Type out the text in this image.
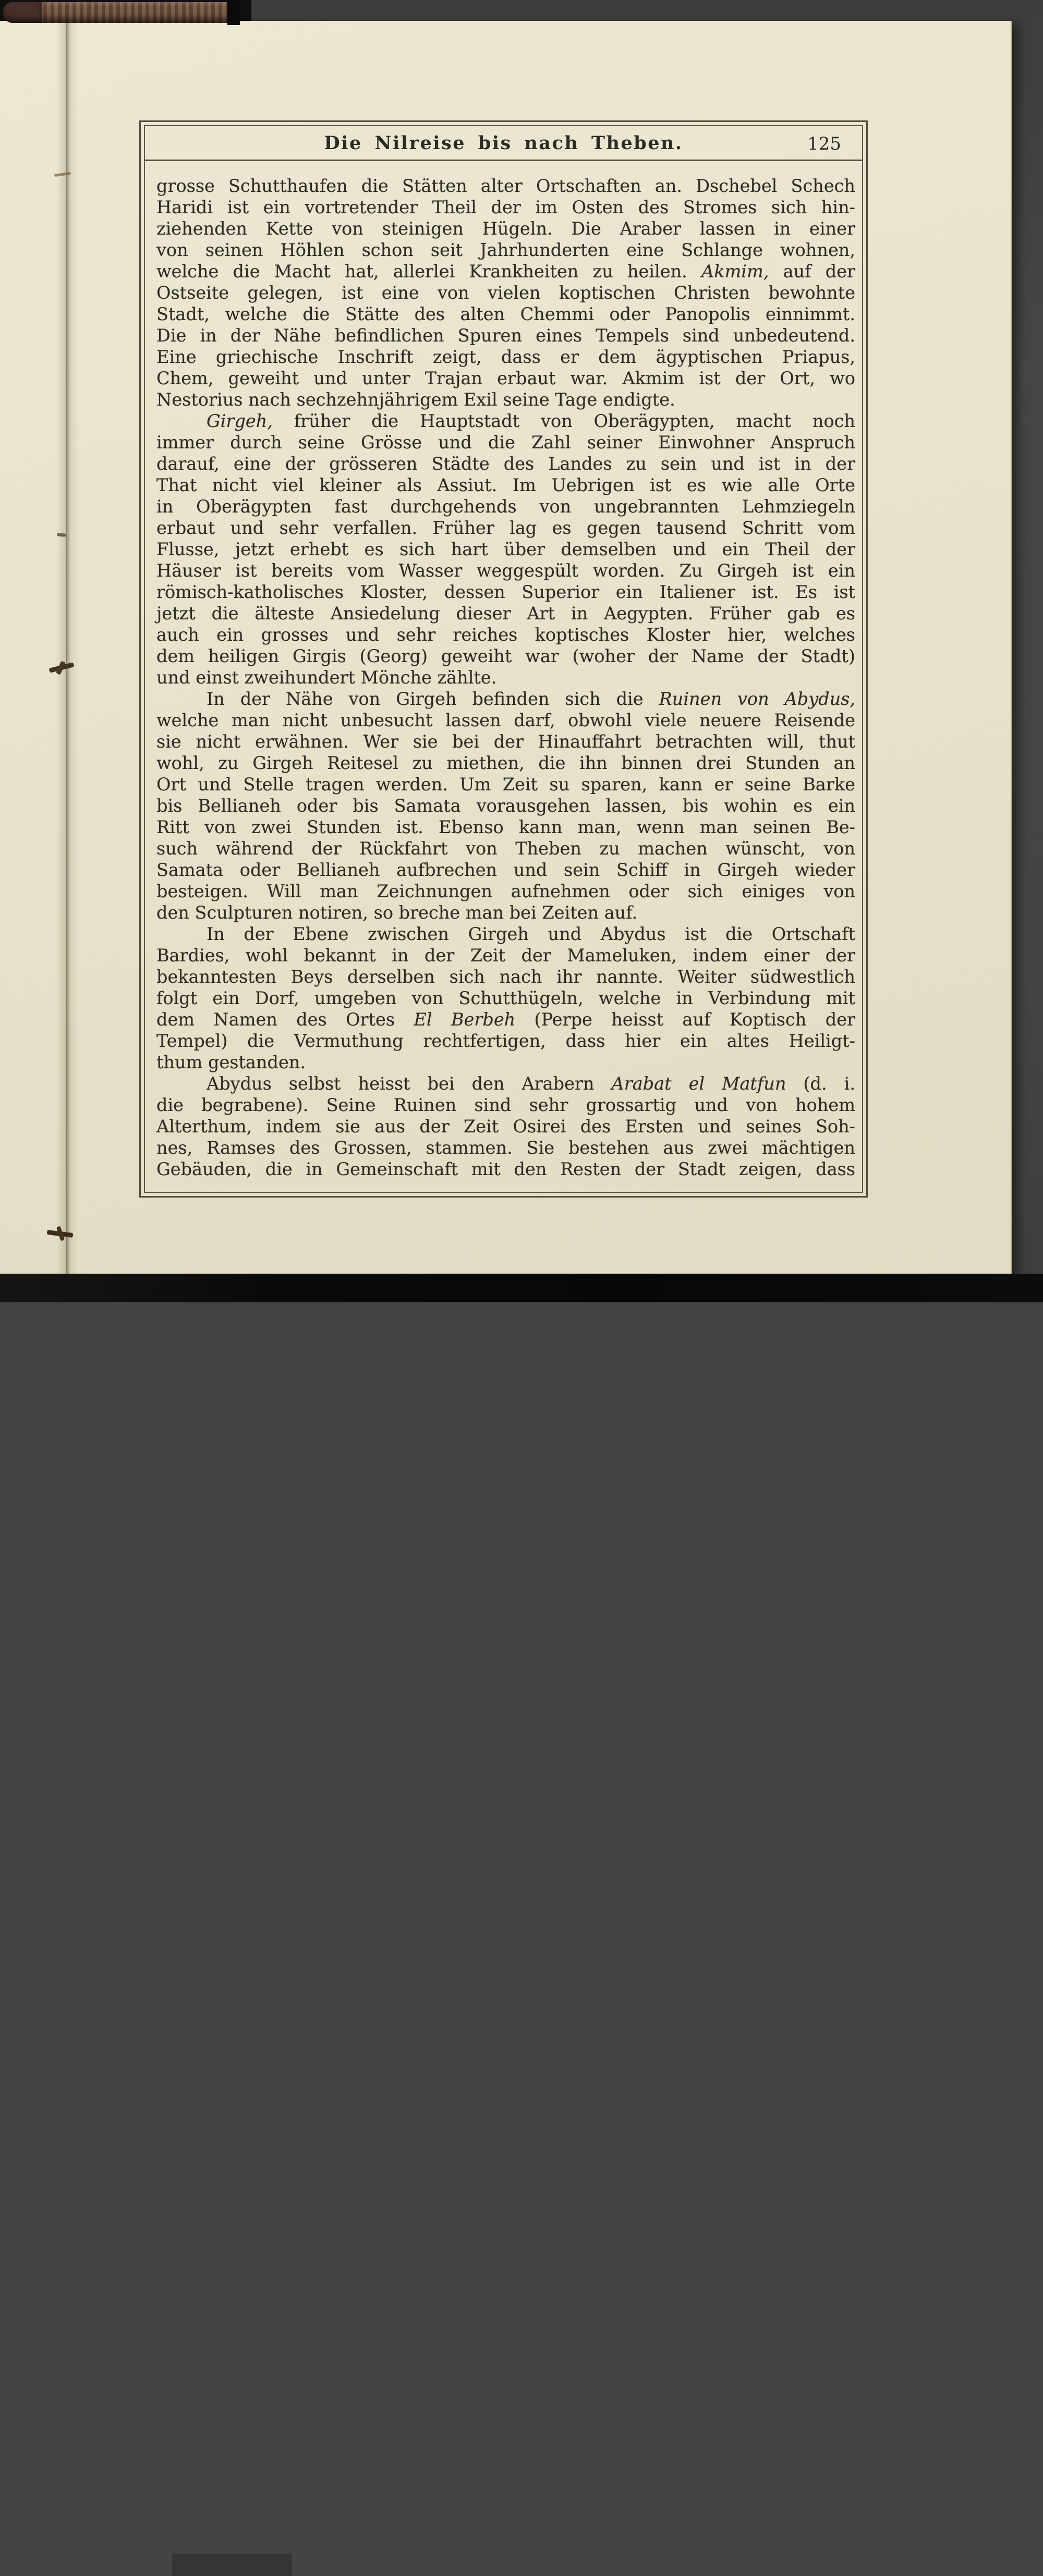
Die Nilreise bis nach Theben.	125
grosse Schutthaufen die Stätten alter Ortschaften an. Dschebel Schech
Haridi ist ein vortretender Theil der im Osten des Stromes sich hin-
ziehenden Kette von steinigen Hügeln. Die Araber lassen in einer
von seinen Höhlen schon seit Jahrhunderten eine Schlange wohnen,
welche die Macht hat, allerlei Krankheiten zu heilen. Akmim, auf der
Ostseite gelegen, ist eine von vielen koptischen Christen bewohnte
Stadt, welche die Stätte des alten Chemmi oder Panopolis einnimmt.
Die in der Nähe befindlichen Spuren eines Tempels sind unbedeutend.
Eine griechische Inschrift zeigt, dass er dem ägyptischen Priapus,
Chem, geweiht und unter Trajan erbaut war. Akmim ist der Ort, wo
Nestorius nach sechzehnjährigem Exil seine Tage endigte.
Girgeh, früher die Hauptstadt von Oberägypten, macht noch
immer durch seine Grösse und die Zahl seiner Einwohner Anspruch
darauf, eine der grösseren Städte des Landes zu sein und ist in der
That nicht viel kleiner als Assiut. Im Uebrigen ist es wie alle Orte
in Oberägypten fast durchgehends von ungebrannten Lehmziegeln
erbaut und sehr verfallen. Früher lag es gegen tausend Schritt vom
Flusse, jetzt erhebt es sich hart über demselben und ein Theil der
Häuser ist bereits vom Wasser weggespült worden. Zu Girgeh ist ein
römisch-katholisches Kloster, dessen Superior ein Italiener ist. Es ist
jetzt die älteste Ansiedelung dieser Art in Aegypten. Früher gab es
auch ein grosses und sehr reiches koptisches Kloster hier, welches
dem heiligen Girgis (Georg) geweiht war (woher der Name der Stadt)
und einst zweihundert Mönche zählte.
In der Nähe von Girgeh befinden sich die Ruinen von Abydus,
welche man nicht unbesucht lassen darf, obwohl viele neuere Reisende
sie nicht erwähnen. Wer sie bei der Hinauffahrt betrachten will, thut
wohl, zu Girgeh Reitesel zu miethen, die ihn binnen drei Stunden an
Ort und Stelle tragen werden. Um Zeit su sparen, kann er seine Barke
bis Bellianeh oder bis Samata vorausgehen lassen, bis wohin es ein
Ritt von zwei Stunden ist. Ebenso kann man, wenn man seinen Be-
such während der Rückfahrt von Theben zu machen wünscht, von
Samata oder Bellianeh aufbrechen und sein Schiff in Girgeh wieder
besteigen. Will man Zeichnungen aufnehmen oder sich einiges von
den Sculpturen notiren, so breche man bei Zeiten auf.
In der Ebene zwischen Girgeh und Abydus ist die Ortschaft
Bardies, wohl bekannt in der Zeit der Mameluken, indem einer der
bekanntesten Beys derselben sich nach ihr nannte. Weiter südwestlich
folgt ein Dorf, umgeben von Schutthügeln, welche in Verbindung mit
dem Namen des Ortes El Berbeh (Perpe heisst auf Koptisch der
Tempel) die Vermuthung rechtfertigen, dass hier ein altes Heiligt-
thum gestanden.
Abydus selbst heisst bei den Arabern Arabat el Matfun (d. i.
die begrabene). Seine Ruinen sind sehr grossartig und von hohem
Alterthum, indem sie aus der Zeit Osirei des Ersten und seines Soh-
nes, Ramses des Grossen, stammen. Sie bestehen aus zwei mächtigen
Gebäuden, die in Gemeinschaft mit den Resten der Stadt zeigen, dass
